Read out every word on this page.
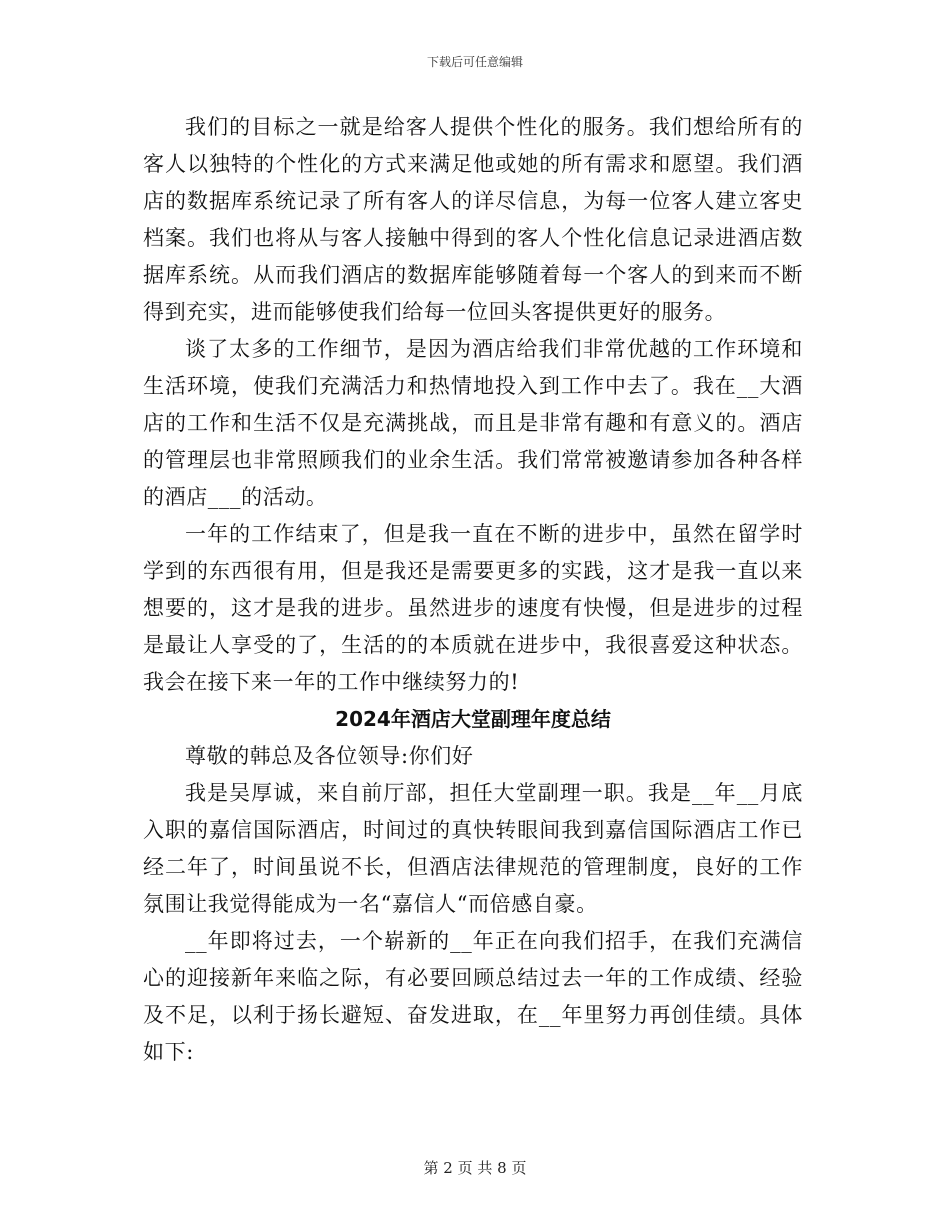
下载后可任意编辑

我们的目标之一就是给客人提供个性化的服务。我们想给所有的客人以独特的个性化的方式来满足他或她的所有需求和愿望。我们酒店的数据库系统记录了所有客人的详尽信息，为每一位客人建立客史档案。我们也将从与客人接触中得到的客人个性化信息记录进酒店数据库系统。从而我们酒店的数据库能够随着每一个客人的到来而不断得到充实，进而能够使我们给每一位回头客提供更好的服务。

谈了太多的工作细节，是因为酒店给我们非常优越的工作环境和生活环境，使我们充满活力和热情地投入到工作中去了。我在__大酒店的工作和生活不仅是充满挑战，而且是非常有趣和有意义的。酒店的管理层也非常照顾我们的业余生活。我们常常被邀请参加各种各样的酒店___的活动。

一年的工作结束了，但是我一直在不断的进步中，虽然在留学时学到的东西很有用，但是我还是需要更多的实践，这才是我一直以来想要的，这才是我的进步。虽然进步的速度有快慢，但是进步的过程是最让人享受的了，生活的的本质就在进步中，我很喜爱这种状态。我会在接下来一年的工作中继续努力的!

2024年酒店大堂副理年度总结

尊敬的韩总及各位领导:你们好

我是吴厚诚，来自前厅部，担任大堂副理一职。我是__年__月底入职的嘉信国际酒店，时间过的真快转眼间我到嘉信国际酒店工作已经二年了，时间虽说不长，但酒店法律规范的管理制度，良好的工作氛围让我觉得能成为一名“嘉信人“而倍感自豪。

__年即将过去，一个崭新的__年正在向我们招手，在我们充满信心的迎接新年来临之际，有必要回顾总结过去一年的工作成绩、经验及不足，以利于扬长避短、奋发进取，在__年里努力再创佳绩。具体如下:

第 2 页 共 8 页
